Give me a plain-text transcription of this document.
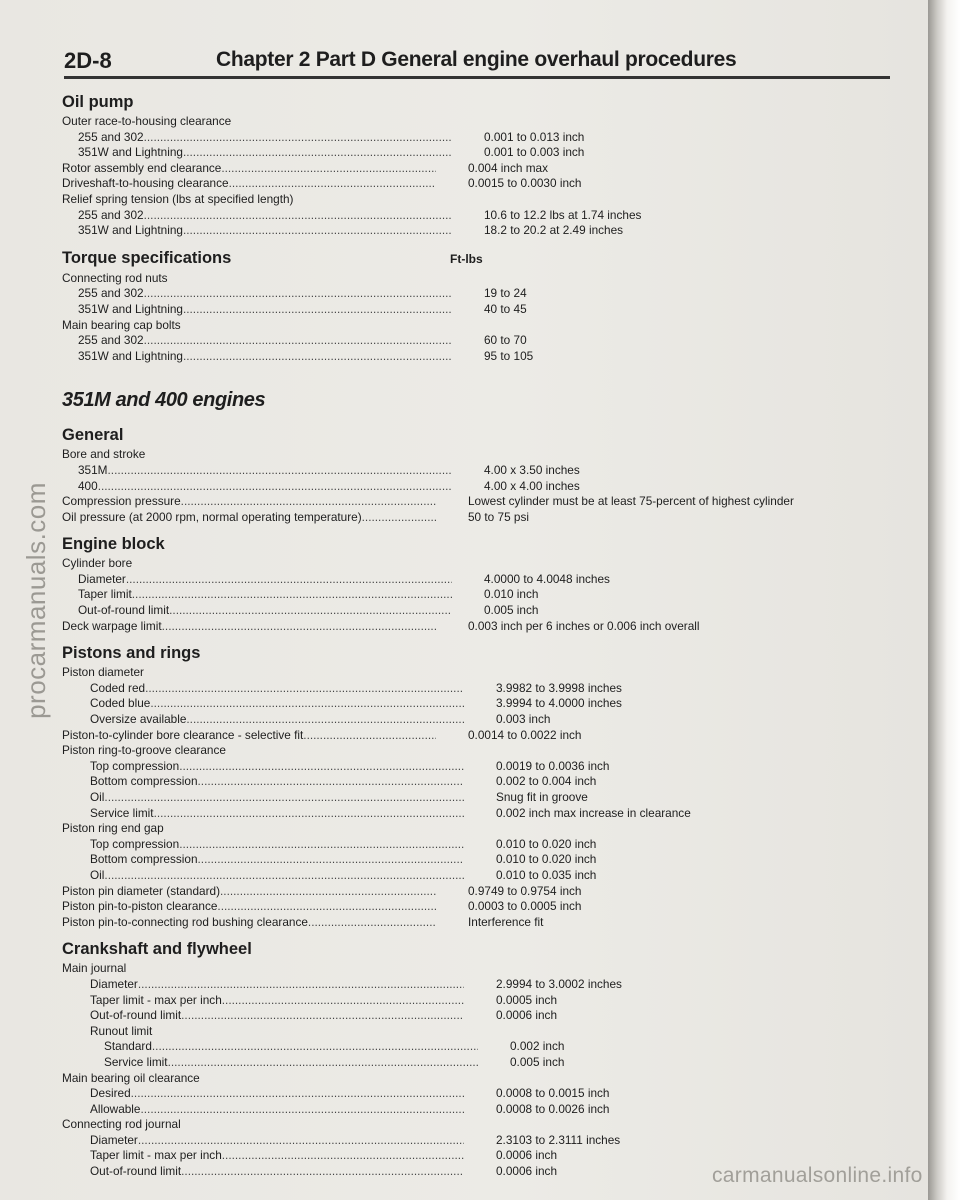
2D-8	Chapter 2 Part D General engine overhaul procedures
Oil pump
Outer race-to-housing clearance
255 and 302 .....	0.001 to 0.013 inch
351W and Lightning .....	0.001 to 0.003 inch
Rotor assembly end clearance .....	0.004 inch max
Driveshaft-to-housing clearance .....	0.0015 to 0.0030 inch
Relief spring tension (lbs at specified length)
255 and 302 .....	10.6 to 12.2 lbs at 1.74 inches
351W and Lightning .....	18.2 to 20.2 at 2.49 inches
Torque specifications	Ft-lbs
Connecting rod nuts
255 and 302 .....	19 to 24
351W and Lightning .....	40 to 45
Main bearing cap bolts
255 and 302 .....	60 to 70
351W and Lightning .....	95 to 105
351M and 400 engines
General
Bore and stroke
351M .....	4.00 x 3.50 inches
400 .....	4.00 x 4.00 inches
Compression pressure .....	Lowest cylinder must be at least 75-percent of highest cylinder
Oil pressure (at 2000 rpm, normal operating temperature) .....	50 to 75 psi
Engine block
Cylinder bore
Diameter .....	4.0000 to 4.0048 inches
Taper limit .....	0.010 inch
Out-of-round limit .....	0.005 inch
Deck warpage limit .....	0.003 inch per 6 inches or 0.006 inch overall
Pistons and rings
Piston diameter
Coded red .....	3.9982 to 3.9998 inches
Coded blue .....	3.9994 to 4.0000 inches
Oversize available .....	0.003 inch
Piston-to-cylinder bore clearance - selective fit .....	0.0014 to 0.0022 inch
Piston ring-to-groove clearance
Top compression .....	0.0019 to 0.0036 inch
Bottom compression .....	0.002 to 0.004 inch
Oil .....	Snug fit in groove
Service limit .....	0.002 inch max increase in clearance
Piston ring end gap
Top compression .....	0.010 to 0.020 inch
Bottom compression .....	0.010 to 0.020 inch
Oil .....	0.010 to 0.035 inch
Piston pin diameter (standard) .....	0.9749 to 0.9754 inch
Piston pin-to-piston clearance .....	0.0003 to 0.0005 inch
Piston pin-to-connecting rod bushing clearance .....	Interference fit
Crankshaft and flywheel
Main journal
Diameter .....	2.9994 to 3.0002 inches
Taper limit - max per inch .....	0.0005 inch
Out-of-round limit .....	0.0006 inch
Runout limit
Standard .....	0.002 inch
Service limit .....	0.005 inch
Main bearing oil clearance
Desired .....	0.0008 to 0.0015 inch
Allowable .....	0.0008 to 0.0026 inch
Connecting rod journal
Diameter .....	2.3103 to 2.3111 inches
Taper limit - max per inch .....	0.0006 inch
Out-of-round limit .....	0.0006 inch
procarmanuals.com
carmanualsonline.info
